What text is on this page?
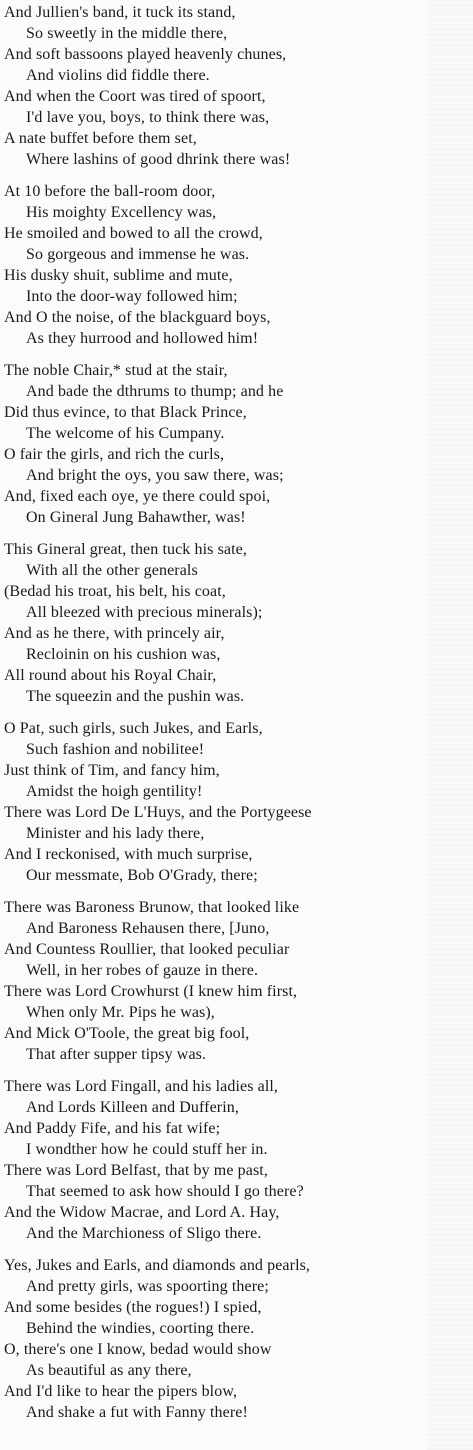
And Jullien's band, it tuck its stand,
So sweetly in the middle there,
And soft bassoons played heavenly chunes,
And violins did fiddle there.
And when the Coort was tired of spoort,
I'd lave you, boys, to think there was,
A nate buffet before them set,
Where lashins of good dhrink there was!
At 10 before the ball-room door,
His moighty Excellency was,
He smoiled and bowed to all the crowd,
So gorgeous and immense he was.
His dusky shuit, sublime and mute,
Into the door-way followed him;
And O the noise, of the blackguard boys,
As they hurrood and hollowed him!
The noble Chair,* stud at the stair,
And bade the dthrums to thump; and he
Did thus evince, to that Black Prince,
The welcome of his Cumpany.
O fair the girls, and rich the curls,
And bright the oys, you saw there, was;
And, fixed each oye, ye there could spoi,
On Gineral Jung Bahawther, was!
This Gineral great, then tuck his sate,
With all the other generals
(Bedad his troat, his belt, his coat,
All bleezed with precious minerals);
And as he there, with princely air,
Recloinin on his cushion was,
All round about his Royal Chair,
The squeezin and the pushin was.
O Pat, such girls, such Jukes, and Earls,
Such fashion and nobilitee!
Just think of Tim, and fancy him,
Amidst the hoigh gentility!
There was Lord De L'Huys, and the Portygeese
Minister and his lady there,
And I reckonised, with much surprise,
Our messmate, Bob O'Grady, there;
There was Baroness Brunow, that looked like
And Baroness Rehausen there, [Juno,
And Countess Roullier, that looked peculiar
Well, in her robes of gauze in there.
There was Lord Crowhurst (I knew him first,
When only Mr. Pips he was),
And Mick O'Toole, the great big fool,
That after supper tipsy was.
There was Lord Fingall, and his ladies all,
And Lords Killeen and Dufferin,
And Paddy Fife, and his fat wife;
I wondther how he could stuff her in.
There was Lord Belfast, that by me past,
That seemed to ask how should I go there?
And the Widow Macrae, and Lord A. Hay,
And the Marchioness of Sligo there.
Yes, Jukes and Earls, and diamonds and pearls,
And pretty girls, was spoorting there;
And some besides (the rogues!) I spied,
Behind the windies, coorting there.
O, there's one I know, bedad would show
As beautiful as any there,
And I'd like to hear the pipers blow,
And shake a fut with Fanny there!
